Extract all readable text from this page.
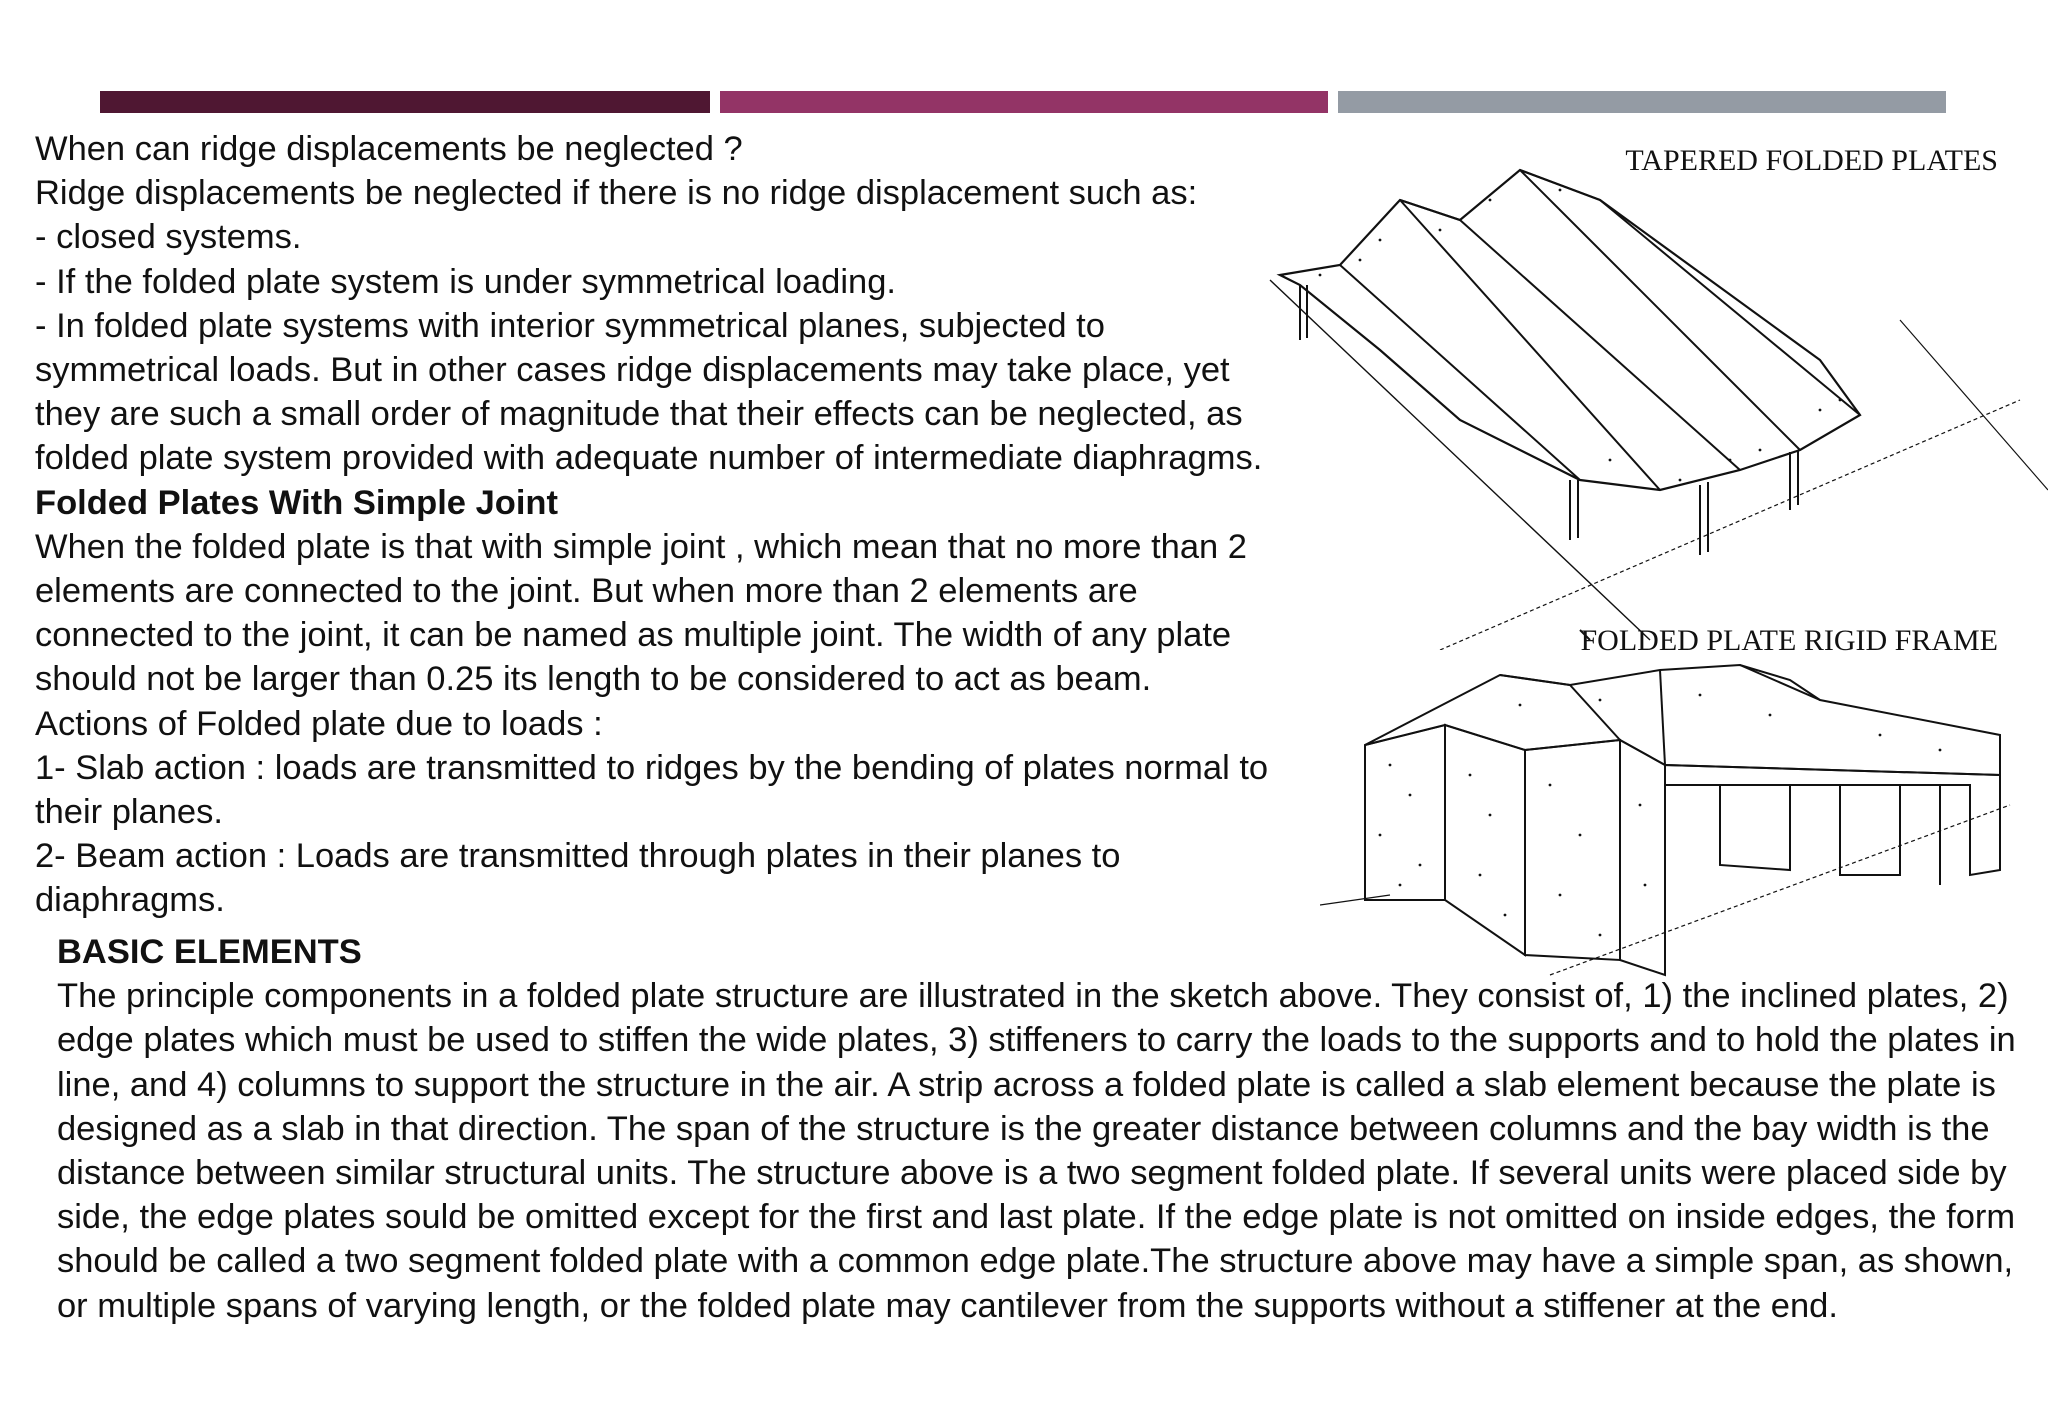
TAPERED FOLDED PLATES
FOLDED PLATE RIGID FRAME
When can ridge displacements be neglected ?
Ridge displacements be neglected if there is no ridge displacement such as:
- closed systems.
- If the folded plate system is under symmetrical loading.
- In folded plate systems with interior symmetrical planes, subjected to
symmetrical loads. But in other cases ridge displacements may take place, yet
they are such a small order of magnitude that their effects can be neglected, as
folded plate system provided with adequate number of intermediate diaphragms.
Folded Plates With Simple Joint
When the folded plate is that with simple joint , which mean that no more than 2
elements are connected to the joint. But when more than 2 elements are
connected to the joint, it can be named as multiple joint. The width of any plate
should not be larger than 0.25 its length to be considered to act as beam.
Actions of Folded plate due to loads :
1- Slab action : loads are transmitted to ridges by the bending of plates normal to
their planes.
2- Beam action : Loads are transmitted through plates in their planes to
diaphragms.
BASIC ELEMENTS
The principle components in a folded plate structure are illustrated in the sketch above. They consist of, 1) the inclined plates, 2) edge plates which must be used to stiffen the wide plates, 3) stiffeners to carry the loads to the supports and to hold the plates in line, and 4) columns to support the structure in the air. A strip across a folded plate is called a slab element because the plate is designed as a slab in that direction. The span of the structure is the greater distance between columns and the bay width is the distance between similar structural units. The structure above is a two segment folded plate. If several units were placed side by side, the edge plates sould be omitted except for the first and last plate. If the edge plate is not omitted on inside edges, the form should be called a two segment folded plate with a common edge plate.The structure above may have a simple span, as shown, or multiple spans of varying length, or the folded plate may cantilever from the supports without a stiffener at the end.
